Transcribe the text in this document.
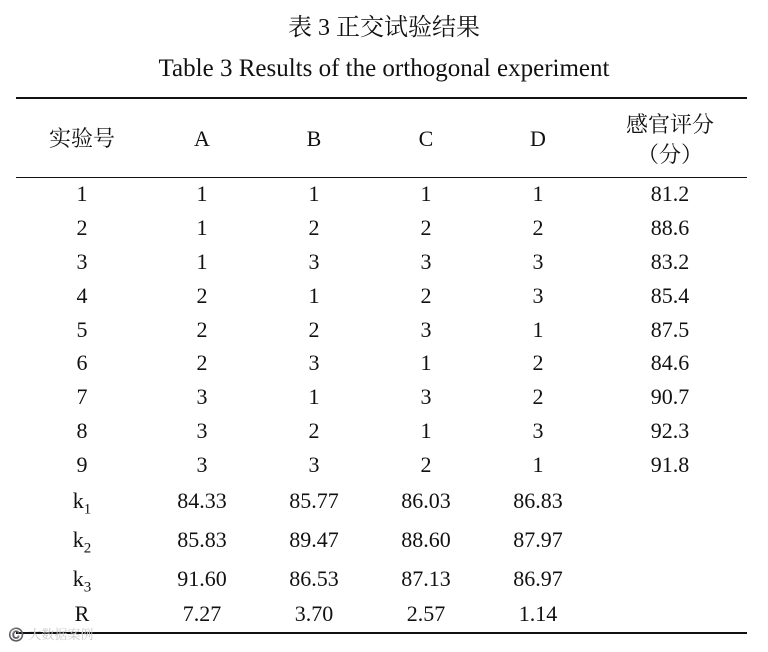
表 3 正交试验结果
Table 3 Results of the orthogonal experiment
实验号	A	B	C	D
感官评分
（分）
1	1	1	1	1	81.2
2	1	2	2	2	88.6
3	1	3	3	3	83.2
4	2	1	2	3	85.4
5	2	2	3	1	87.5
6	2	3	1	2	84.6
7	3	1	3	2	90.7
8	3	2	1	3	92.3
9	3	3	2	1	91.8
$k_1$	84.33	85.77	86.03	86.83
$k_2$	85.83	89.47	88.60	87.97
$k_3$	91.60	86.53	87.13	86.97
R	7.27	3.70	2.57	1.14
©️ 大数据案例
